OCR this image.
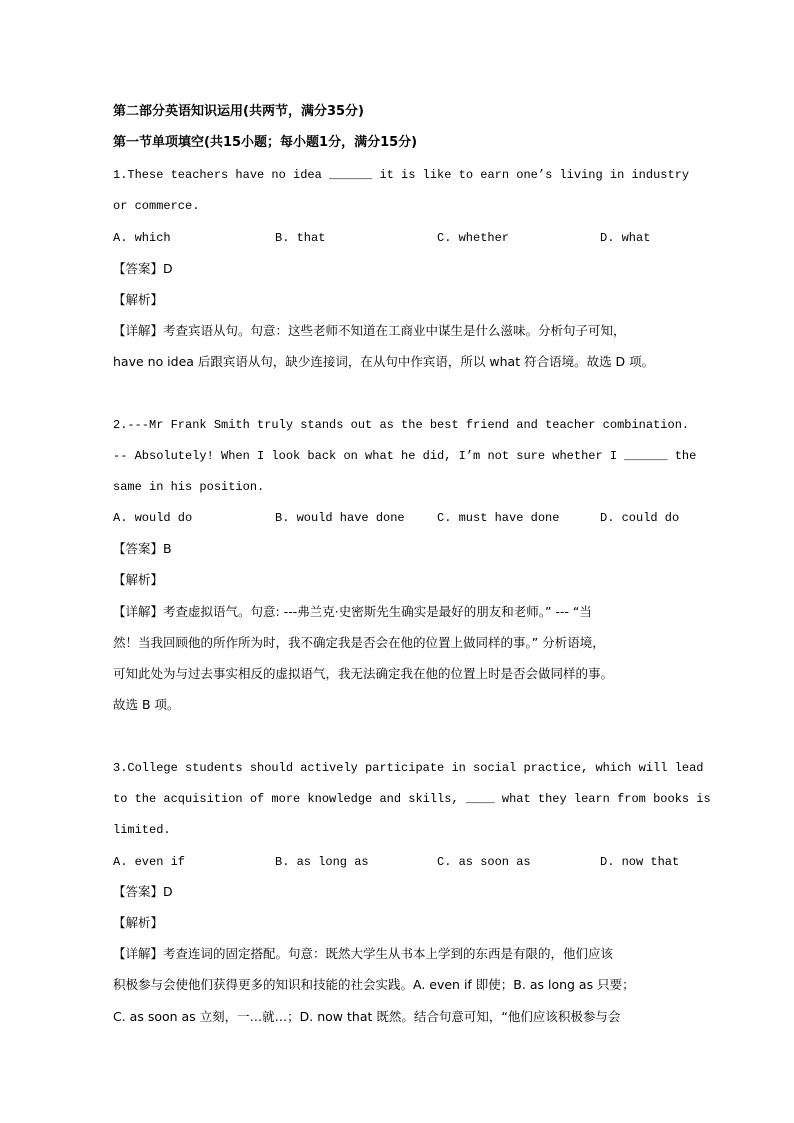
第二部分英语知识运用(共两节，满分35分)
第一节单项填空(共15小题；每小题1分，满分15分)
1.These teachers have no idea ______ it is like to earn one’s living in industry
or commerce.
A. which	B. that	C. whether	D. what
【答案】D
【解析】
【详解】考查宾语从句。句意：这些老师不知道在工商业中谋生是什么滋味。分析句子可知，
have no idea 后跟宾语从句，缺少连接词，在从句中作宾语，所以 what 符合语境。故选 D 项。
2.---Mr Frank Smith truly stands out as the best friend and teacher combination.
-- Absolutely! When I look back on what he did, I’m not sure whether I ______ the
same in his position.
A. would do	B. would have done	C. must have done	D. could do
【答案】B
【解析】
【详解】考查虚拟语气。句意: ---弗兰克·史密斯先生确实是最好的朋友和老师。” --- “当
然！当我回顾他的所作所为时，我不确定我是否会在他的位置上做同样的事。” 分析语境，
可知此处为与过去事实相反的虚拟语气，我无法确定我在他的位置上时是否会做同样的事。
故选 B 项。
3.College students should actively participate in social practice, which will lead
to the acquisition of more knowledge and skills, ____ what they learn from books is
limited.
A. even if	B. as long as	C. as soon as	D. now that
【答案】D
【解析】
【详解】考查连词的固定搭配。句意：既然大学生从书本上学到的东西是有限的，他们应该
积极参与会使他们获得更多的知识和技能的社会实践。A. even if 即使；B. as long as 只要；
C. as soon as 立刻，一…就…；D. now that 既然。结合句意可知，“他们应该积极参与会
